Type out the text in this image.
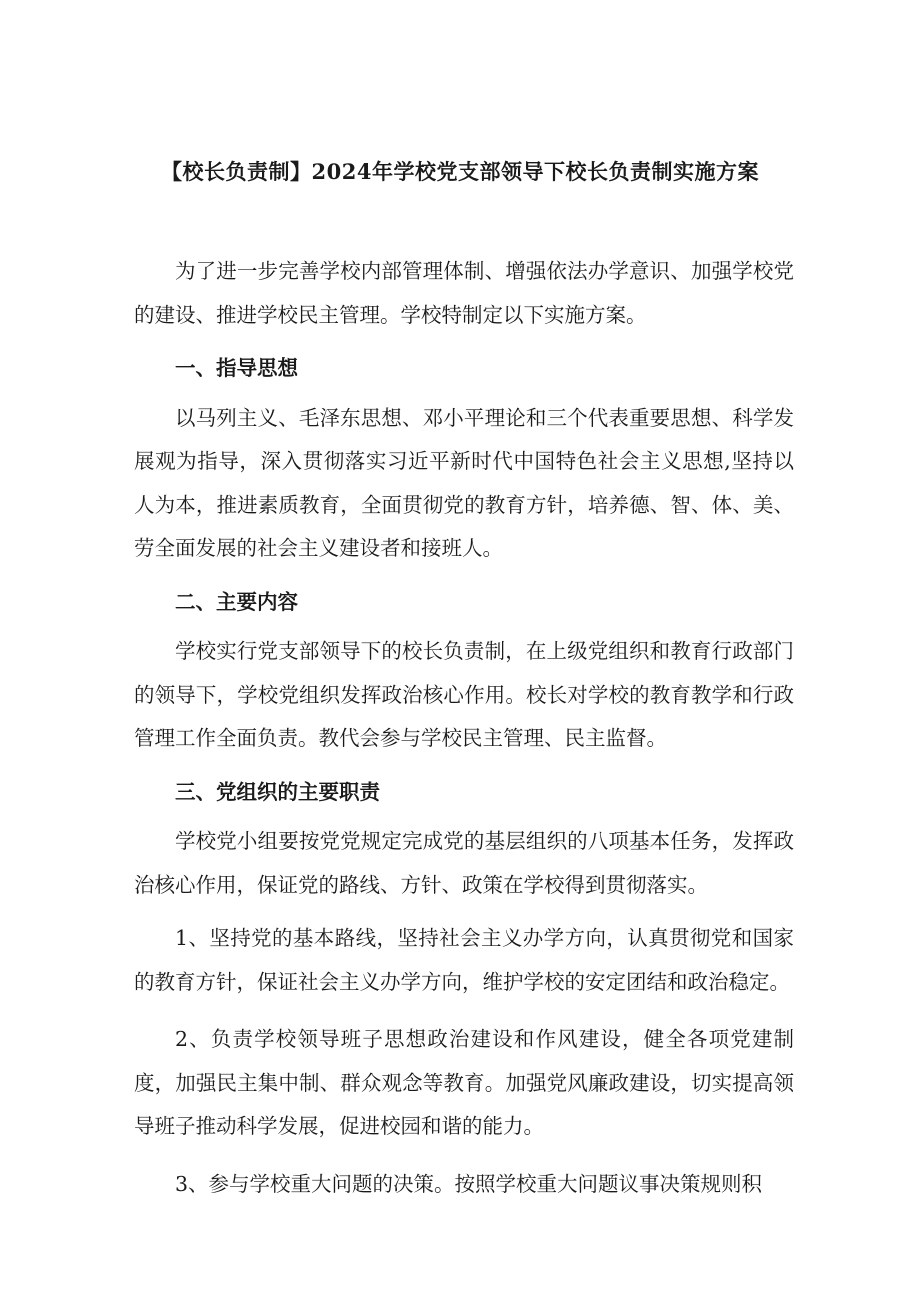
【校长负责制】2024年学校党支部领导下校长负责制实施方案

为了进一步完善学校内部管理体制、增强依法办学意识、加强学校党的建设、推进学校民主管理。学校特制定以下实施方案。

一、指导思想

以马列主义、毛泽东思想、邓小平理论和三个代表重要思想、科学发展观为指导，深入贯彻落实习近平新时代中国特色社会主义思想,坚持以人为本，推进素质教育，全面贯彻党的教育方针，培养德、智、体、美、劳全面发展的社会主义建设者和接班人。

二、主要内容

学校实行党支部领导下的校长负责制，在上级党组织和教育行政部门的领导下，学校党组织发挥政治核心作用。校长对学校的教育教学和行政管理工作全面负责。教代会参与学校民主管理、民主监督。

三、党组织的主要职责

学校党小组要按党党规定完成党的基层组织的八项基本任务，发挥政治核心作用，保证党的路线、方针、政策在学校得到贯彻落实。

1、坚持党的基本路线，坚持社会主义办学方向，认真贯彻党和国家的教育方针，保证社会主义办学方向，维护学校的安定团结和政治稳定。

2、负责学校领导班子思想政治建设和作风建设，健全各项党建制度，加强民主集中制、群众观念等教育。加强党风廉政建设，切实提高领导班子推动科学发展，促进校园和谐的能力。

3、参与学校重大问题的决策。按照学校重大问题议事决策规则积
